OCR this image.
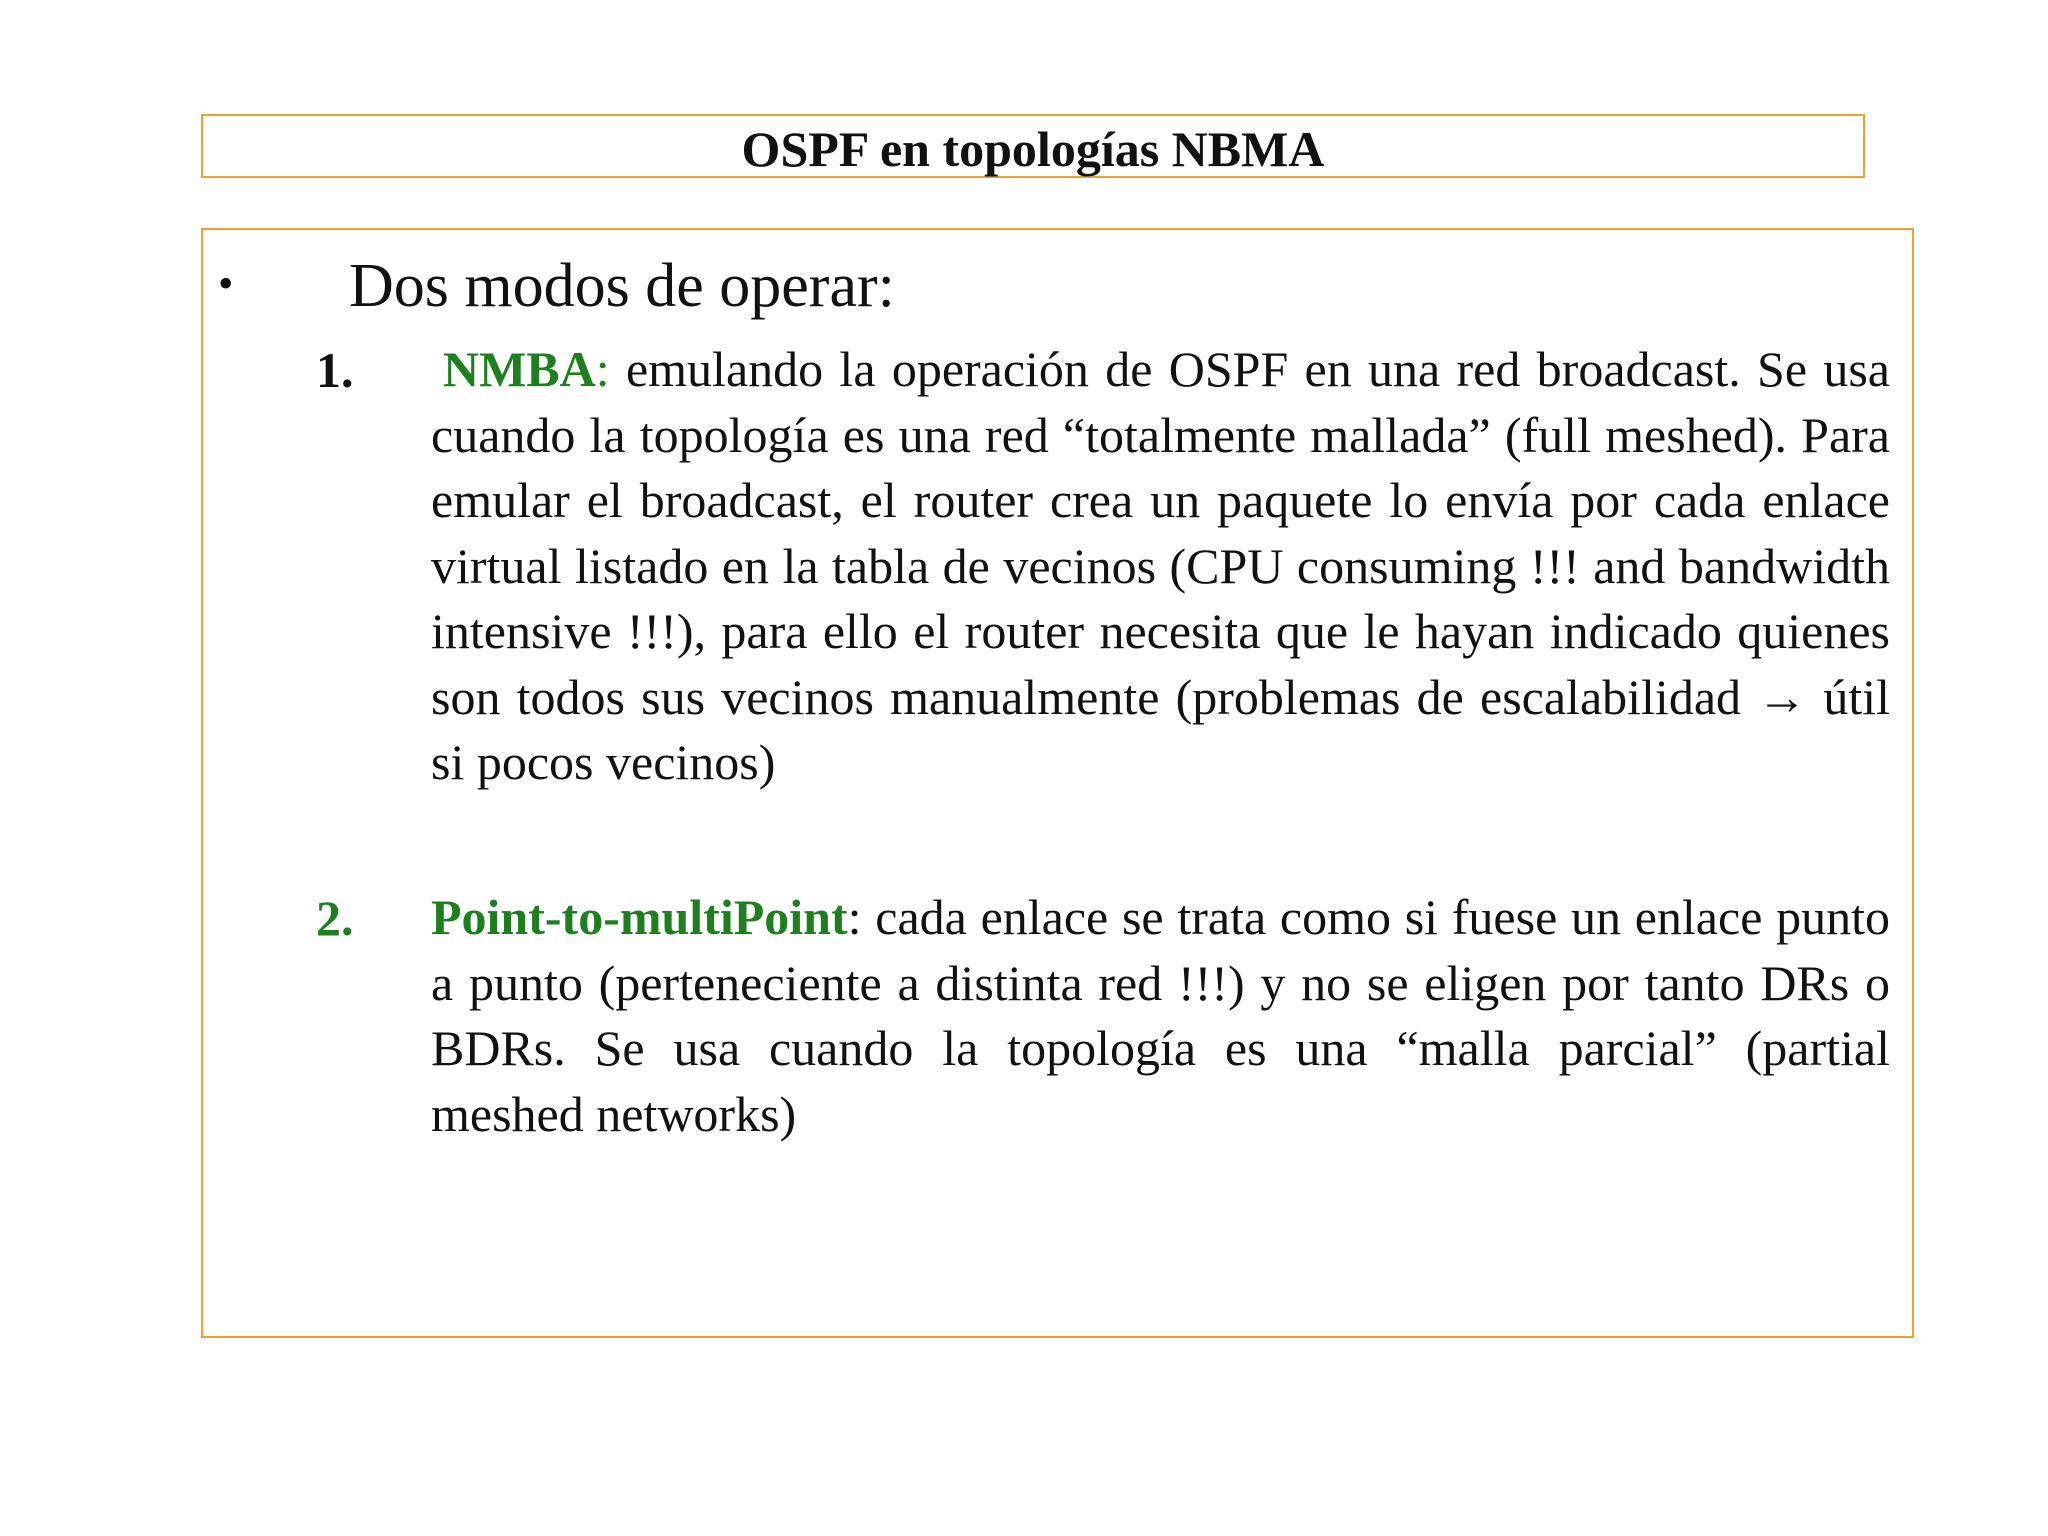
OSPF en topologías NBMA
• Dos modos de operar:
1. NMBA: emulando la operación de OSPF en una red broadcast. Se usa cuando la topología es una red “totalmente mallada” (full meshed). Para emular el broadcast, el router crea un paquete lo envía por cada enlace virtual listado en la tabla de vecinos (CPU consuming !!! and bandwidth intensive !!!), para ello el router necesita que le hayan indicado quienes son todos sus vecinos manualmente (problemas de escalabilidad → útil si pocos vecinos)
2. Point-to-multiPoint: cada enlace se trata como si fuese un enlace punto a punto (perteneciente a distinta red !!!) y no se eligen por tanto DRs o BDRs. Se usa cuando la topología es una “malla parcial” (partial meshed networks)
